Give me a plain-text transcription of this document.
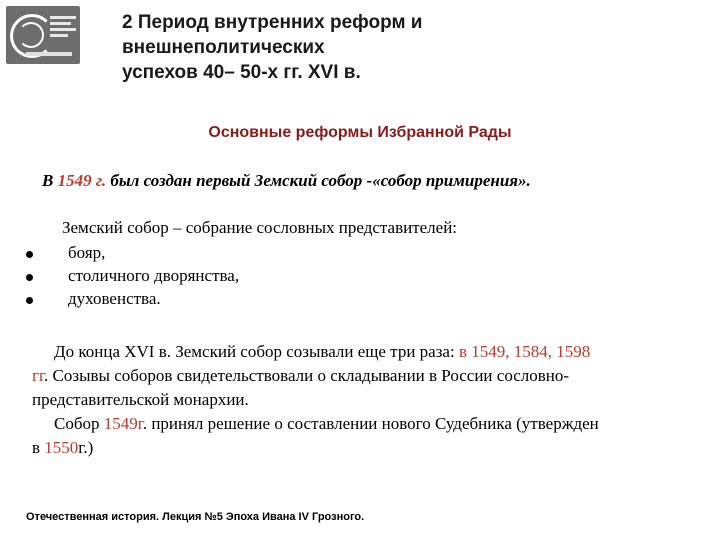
2 Период внутренних реформ и
внешнеполитических
успехов 40– 50-х гг. XVI в.
Основные реформы Избранной Рады
В 1549 г. был создан первый Земский собор -«собор примирения».
Земский собор – собрание сословных представителей:
бояр,
столичного дворянства,
духовенства.
До конца XVI в. Земский собор созывали еще три раза: в 1549, 1584, 1598
гг. Созывы соборов свидетельствовали о складывании в России сословно-
представительской монархии.
Собор 1549г. принял решение о составлении нового Судебника (утвержден
в 1550г.)
Отечественная история. Лекция №5 Эпоха Ивана IV Грозного.
